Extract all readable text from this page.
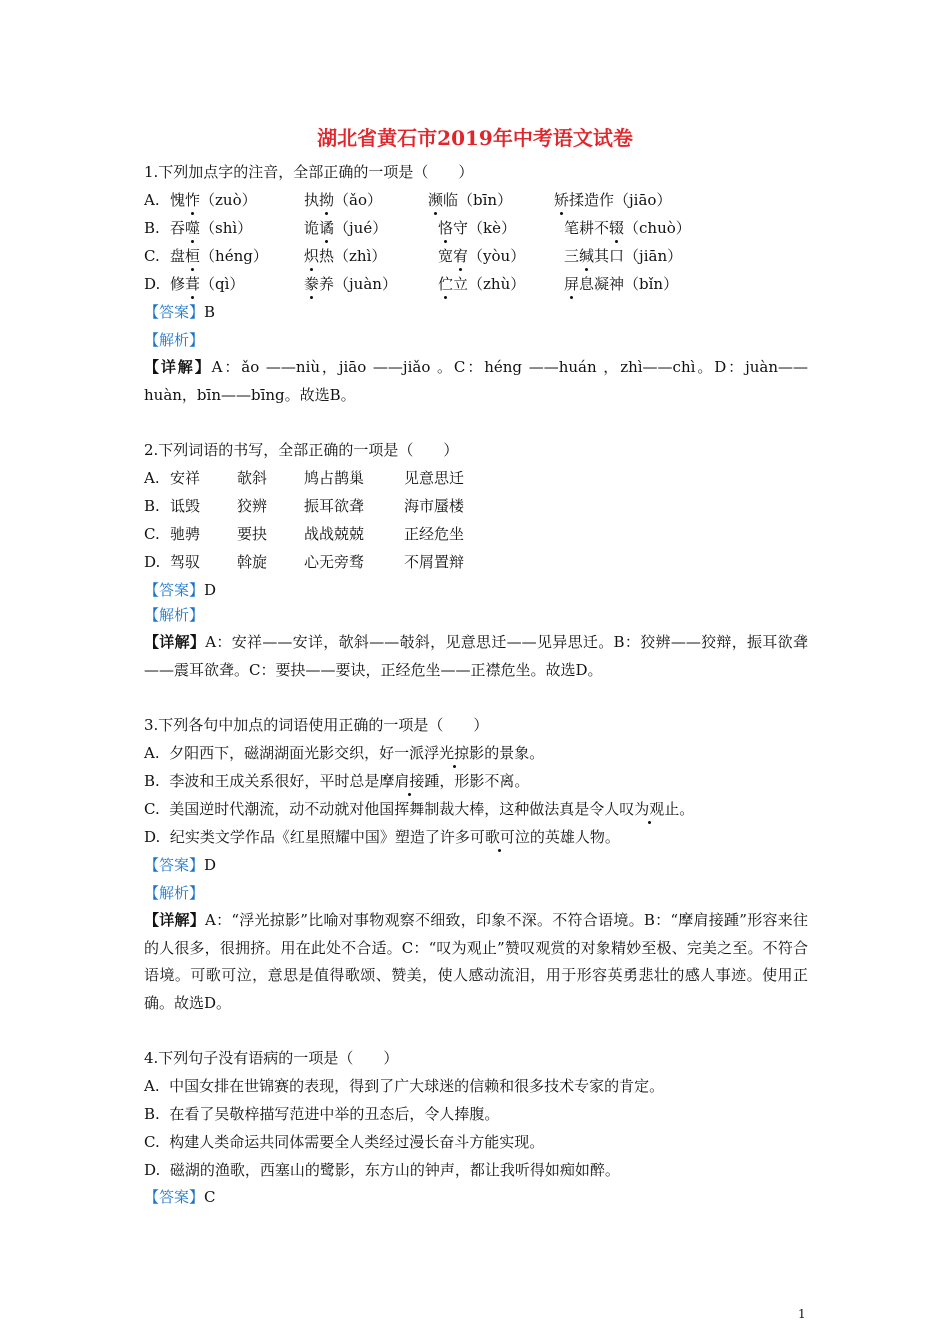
湖北省黄石市2019年中考语文试卷
1.下列加点字的注音，全部正确的一项是（　　）
A. 愧怍（zuò）	执拗（ǎo）	濒临（bīn）	矫揉造作（jiāo）
B. 吞噬（shì）	诡谲（jué）	恪守（kè）	笔耕不辍（chuò）
C. 盘桓（héng） 炽热（zhì）	宽宥（yòu）	三缄其口（jiān）
D. 修葺（qì）	豢养（juàn）	伫立（zhù）	屏息凝神（bǐn）
【答案】B
【解析】
【详解】A：ǎo ——niù，jiāo ——jiǎo 。C：héng ——huán ，zhì——chì。D：juàn——huàn，bīn——bīng。故选B。
2.下列词语的书写，全部正确的一项是（　　）
A. 安祥 欹斜 鸠占鹊巢	见意思迁
B. 诋毁 狡辨 振耳欲聋	海市蜃楼
C. 驰骋 要抉 战战兢兢	正经危坐
D. 驾驭 斡旋 心无旁骛	不屑置辩
【答案】D
【解析】
【详解】A：安祥——安详，欹斜——攲斜，见意思迁——见异思迁。B：狡辨——狡辩，振耳欲聋——震耳欲聋。C：要抉——要诀，正经危坐——正襟危坐。故选D。
3.下列各句中加点的词语使用正确的一项是（　　）
A. 夕阳西下，磁湖湖面光影交织，好一派浮光掠影的景象。
B. 李波和王成关系很好，平时总是摩肩接踵，形影不离。
C. 美国逆时代潮流，动不动就对他国挥舞制裁大棒，这种做法真是令人叹为观止。
D. 纪实类文学作品《红星照耀中国》塑造了许多可歌可泣的英雄人物。
【答案】D
【解析】
【详解】A：“浮光掠影”比喻对事物观察不细致，印象不深。不符合语境。B：“摩肩接踵”形容来往的人很多，很拥挤。用在此处不合适。C：“叹为观止”赞叹观赏的对象精妙至极、完美之至。不符合语境。可歌可泣，意思是值得歌颂、赞美，使人感动流泪，用于形容英勇悲壮的感人事迹。使用正确。故选D。
4.下列句子没有语病的一项是（　　）
A. 中国女排在世锦赛的表现，得到了广大球迷的信赖和很多技术专家的肯定。
B. 在看了吴敬梓描写范进中举的丑态后，令人捧腹。
C. 构建人类命运共同体需要全人类经过漫长奋斗方能实现。
D. 磁湖的渔歌，西塞山的鹭影，东方山的钟声，都让我听得如痴如醉。
【答案】C
1
